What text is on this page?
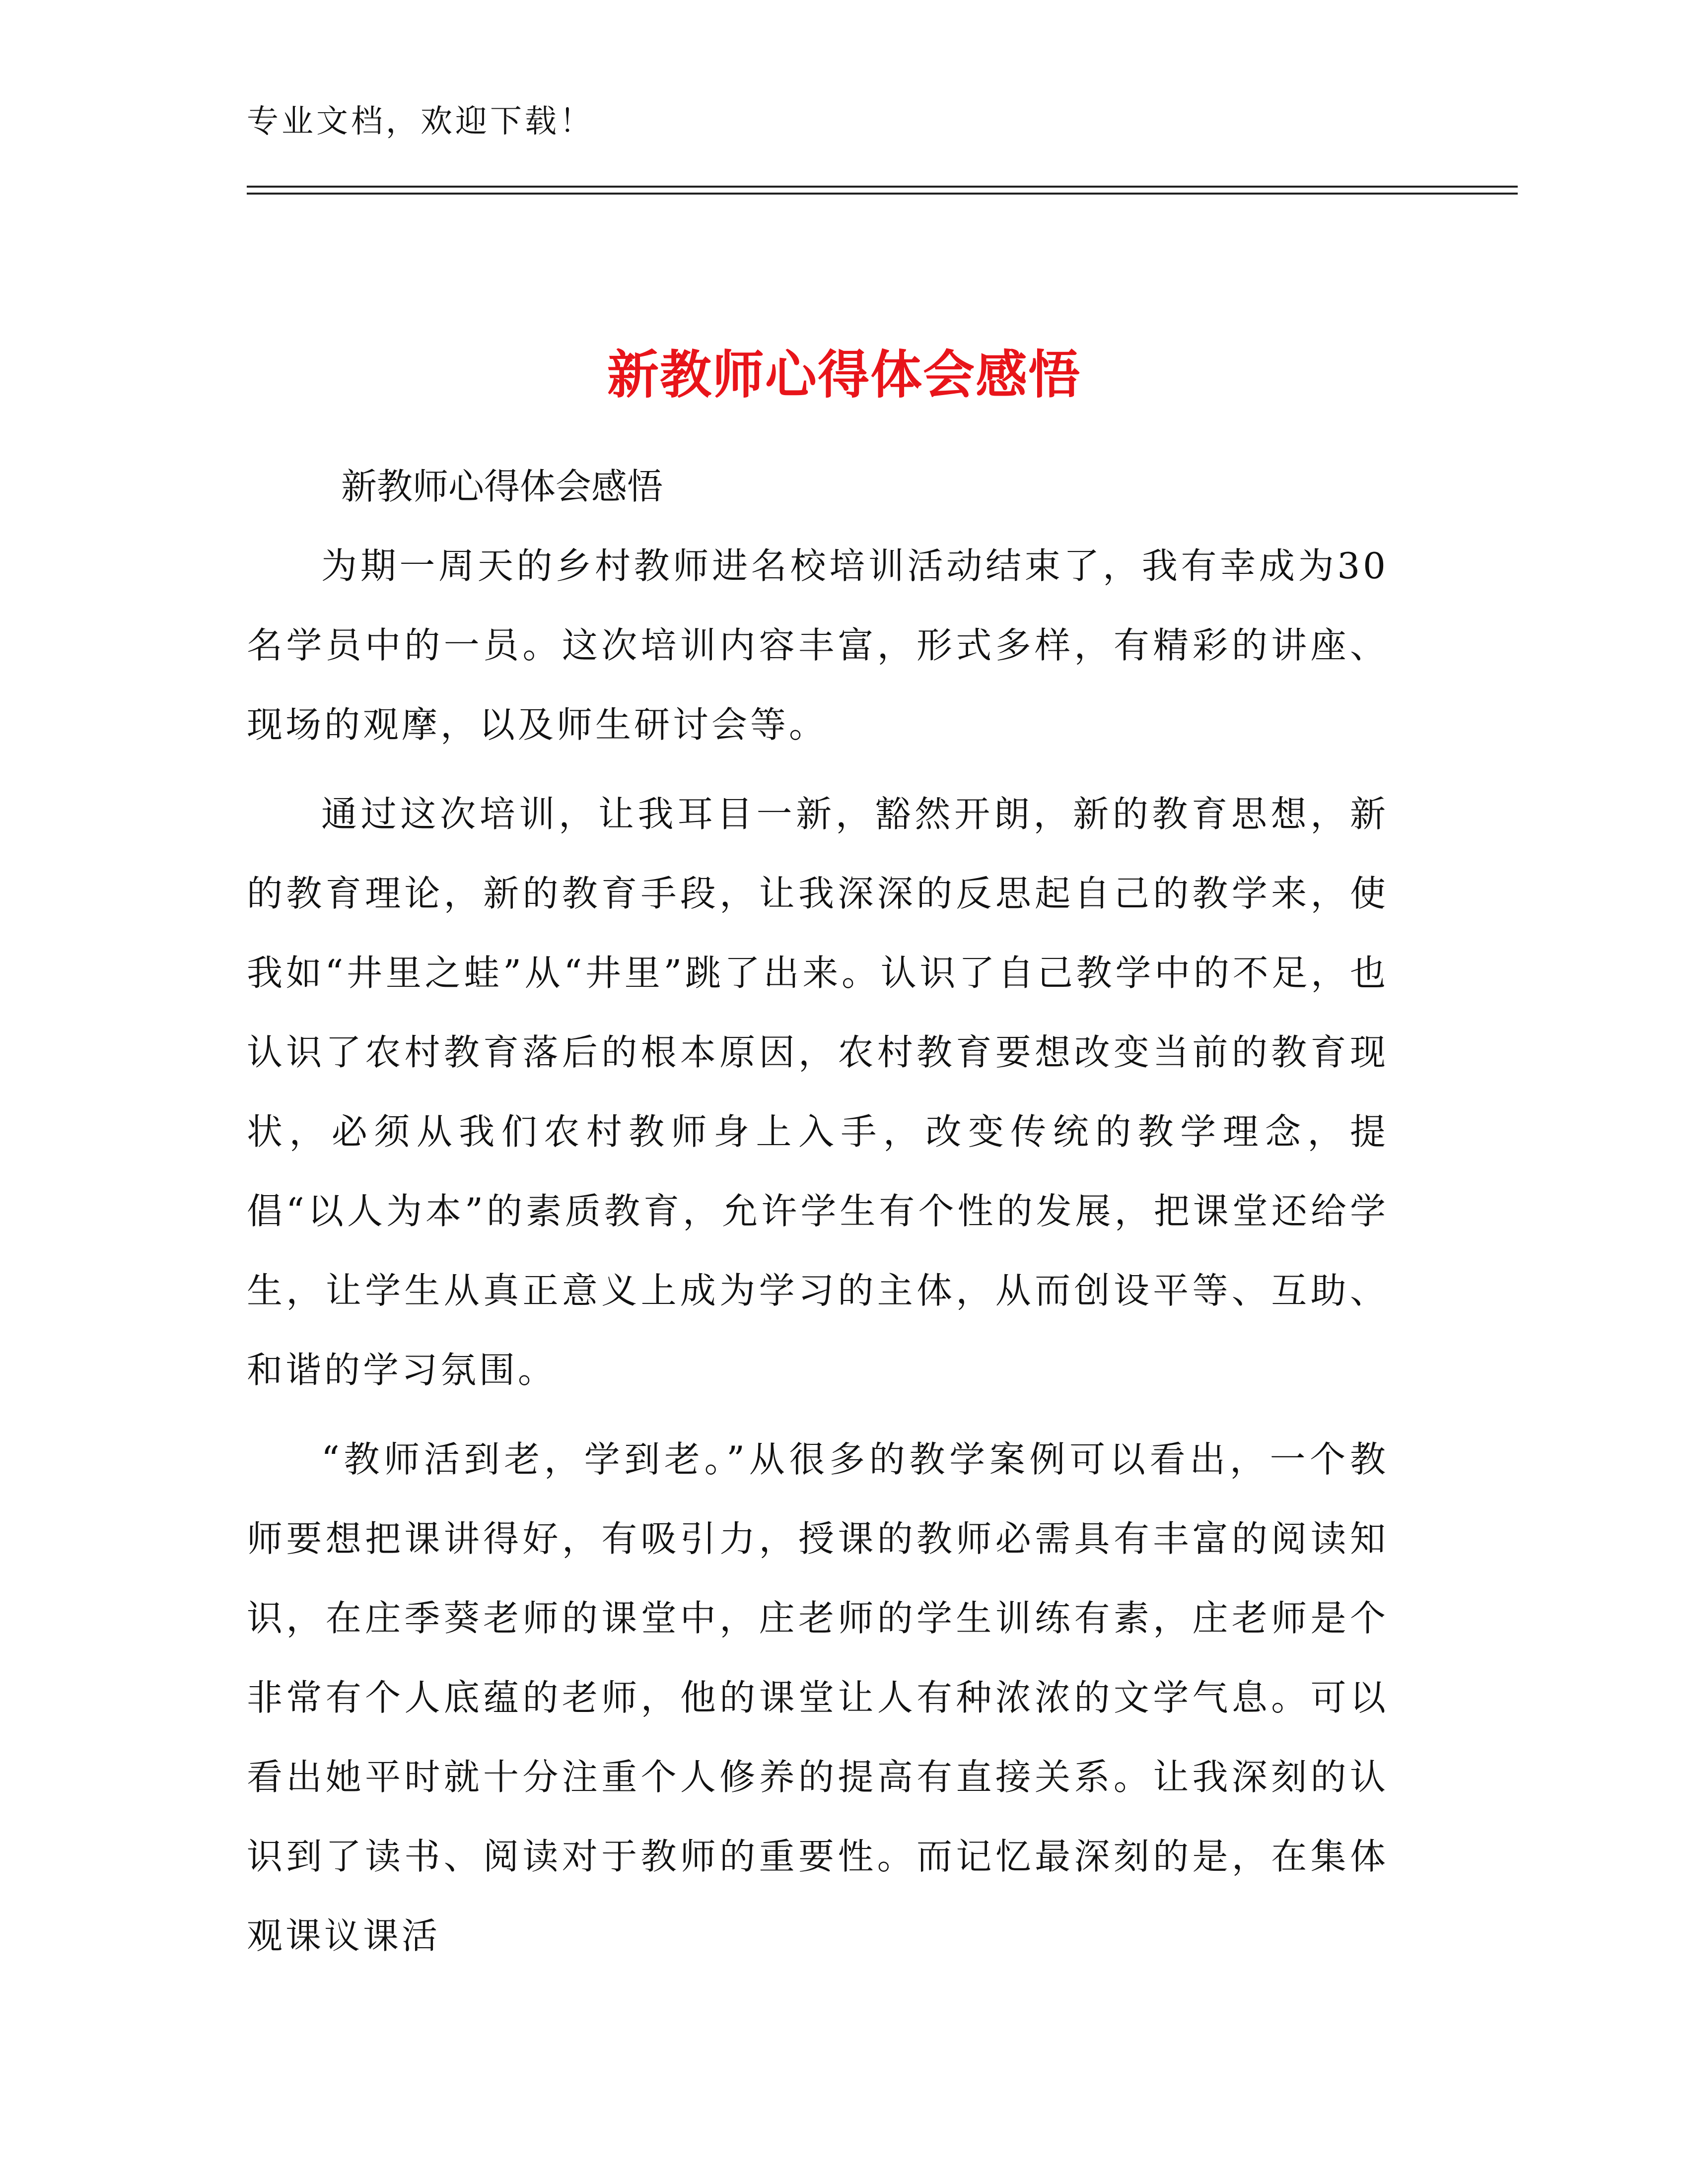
专业文档，欢迎下载！
新教师心得体会感悟

新教师心得体会感悟

为期一周天的乡村教师进名校培训活动结束了，我有幸成为30名学员中的一员。这次培训内容丰富，形式多样，有精彩的讲座、现场的观摩，以及师生研讨会等。

通过这次培训，让我耳目一新，豁然开朗，新的教育思想，新的教育理论，新的教育手段，让我深深的反思起自己的教学来，使我如“井里之蛙”从“井里”跳了出来。认识了自己教学中的不足，也认识了农村教育落后的根本原因，农村教育要想改变当前的教育现状，必须从我们农村教师身上入手，改变传统的教学理念，提倡“以人为本”的素质教育，允许学生有个性的发展，把课堂还给学生，让学生从真正意义上成为学习的主体，从而创设平等、互助、和谐的学习氛围。

“教师活到老，学到老。”从很多的教学案例可以看出，一个教师要想把课讲得好，有吸引力，授课的教师必需具有丰富的阅读知识，在庄季葵老师的课堂中，庄老师的学生训练有素，庄老师是个非常有个人底蕴的老师，他的课堂让人有种浓浓的文学气息。可以看出她平时就十分注重个人修养的提高有直接关系。让我深刻的认识到了读书、阅读对于教师的重要性。而记忆最深刻的是，在集体观课议课活
